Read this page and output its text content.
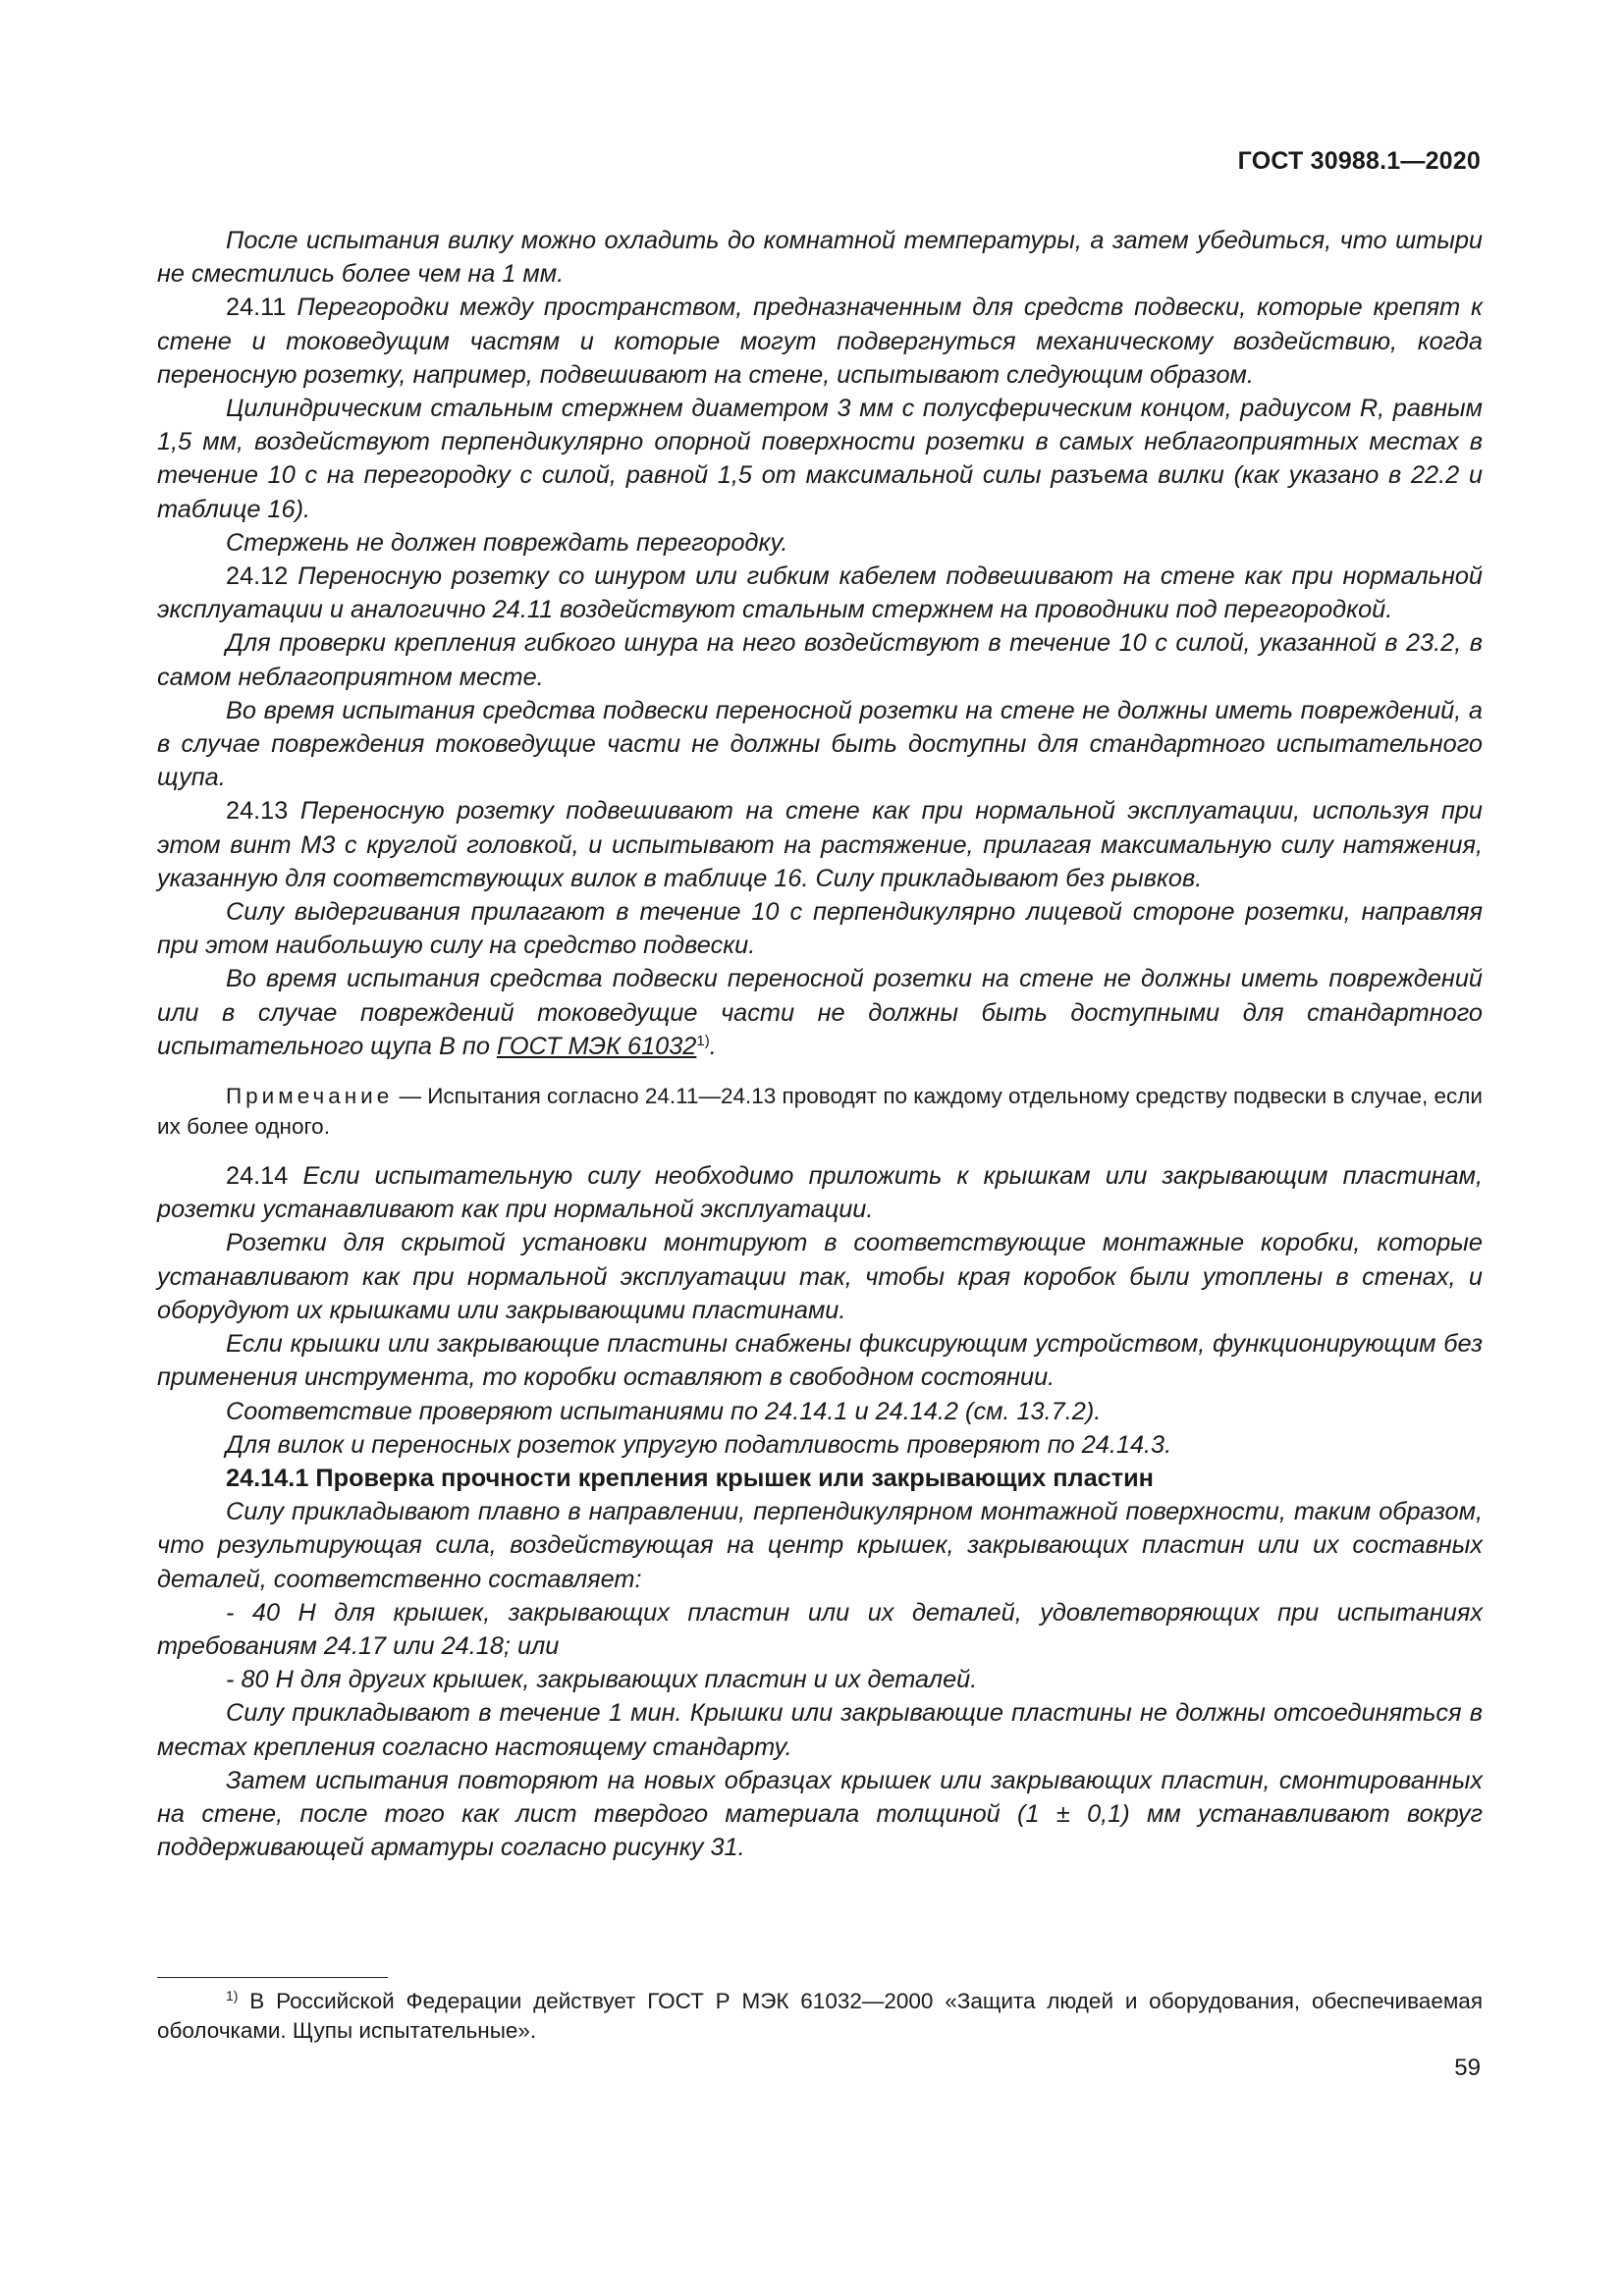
ГОСТ 30988.1—2020

После испытания вилку можно охладить до комнатной температуры, а затем убедиться, что штыри не сместились более чем на 1 мм.

24.11 Перегородки между пространством, предназначенным для средств подвески, которые крепят к стене и токоведущим частям и которые могут подвергнуться механическому воздействию, когда переносную розетку, например, подвешивают на стене, испытывают следующим образом.

Цилиндрическим стальным стержнем диаметром 3 мм с полусферическим концом, радиусом R, равным 1,5 мм, воздействуют перпендикулярно опорной поверхности розетки в самых неблагоприятных местах в течение 10 с на перегородку с силой, равной 1,5 от максимальной силы разъема вилки (как указано в 22.2 и таблице 16).

Стержень не должен повреждать перегородку.

24.12 Переносную розетку со шнуром или гибким кабелем подвешивают на стене как при нормальной эксплуатации и аналогично 24.11 воздействуют стальным стержнем на проводники под перегородкой.

Для проверки крепления гибкого шнура на него воздействуют в течение 10 с силой, указанной в 23.2, в самом неблагоприятном месте.

Во время испытания средства подвески переносной розетки на стене не должны иметь повреждений, а в случае повреждения токоведущие части не должны быть доступны для стандартного испытательного щупа.

24.13 Переносную розетку подвешивают на стене как при нормальной эксплуатации, используя при этом винт М3 с круглой головкой, и испытывают на растяжение, прилагая максимальную силу натяжения, указанную для соответствующих вилок в таблице 16. Силу прикладывают без рывков.

Силу выдергивания прилагают в течение 10 с перпендикулярно лицевой стороне розетки, направляя при этом наибольшую силу на средство подвески.

Во время испытания средства подвески переносной розетки на стене не должны иметь повреждений или в случае повреждений токоведущие части не должны быть доступными для стандартного испытательного щупа В по ГОСТ МЭК 61032$^{1)}$.

Примечание — Испытания согласно 24.11—24.13 проводят по каждому отдельному средству подвески в случае, если их более одного.

24.14 Если испытательную силу необходимо приложить к крышкам или закрывающим пластинам, розетки устанавливают как при нормальной эксплуатации.

Розетки для скрытой установки монтируют в соответствующие монтажные коробки, которые устанавливают как при нормальной эксплуатации так, чтобы края коробок были утоплены в стенах, и оборудуют их крышками или закрывающими пластинами.

Если крышки или закрывающие пластины снабжены фиксирующим устройством, функционирующим без применения инструмента, то коробки оставляют в свободном состоянии.

Соответствие проверяют испытаниями по 24.14.1 и 24.14.2 (см. 13.7.2).

Для вилок и переносных розеток упругую податливость проверяют по 24.14.3.

24.14.1 Проверка прочности крепления крышек или закрывающих пластин

Силу прикладывают плавно в направлении, перпендикулярном монтажной поверхности, таким образом, что результирующая сила, воздействующая на центр крышек, закрывающих пластин или их составных деталей, соответственно составляет:

- 40 Н для крышек, закрывающих пластин или их деталей, удовлетворяющих при испытаниях требованиям 24.17 или 24.18; или

- 80 Н для других крышек, закрывающих пластин и их деталей.

Силу прикладывают в течение 1 мин. Крышки или закрывающие пластины не должны отсоединяться в местах крепления согласно настоящему стандарту.

Затем испытания повторяют на новых образцах крышек или закрывающих пластин, смонтированных на стене, после того как лист твердого материала толщиной (1 ± 0,1) мм устанавливают вокруг поддерживающей арматуры согласно рисунку 31.

$^{1)}$ В Российской Федерации действует ГОСТ Р МЭК 61032—2000 «Защита людей и оборудования, обеспечиваемая оболочками. Щупы испытательные».

59
